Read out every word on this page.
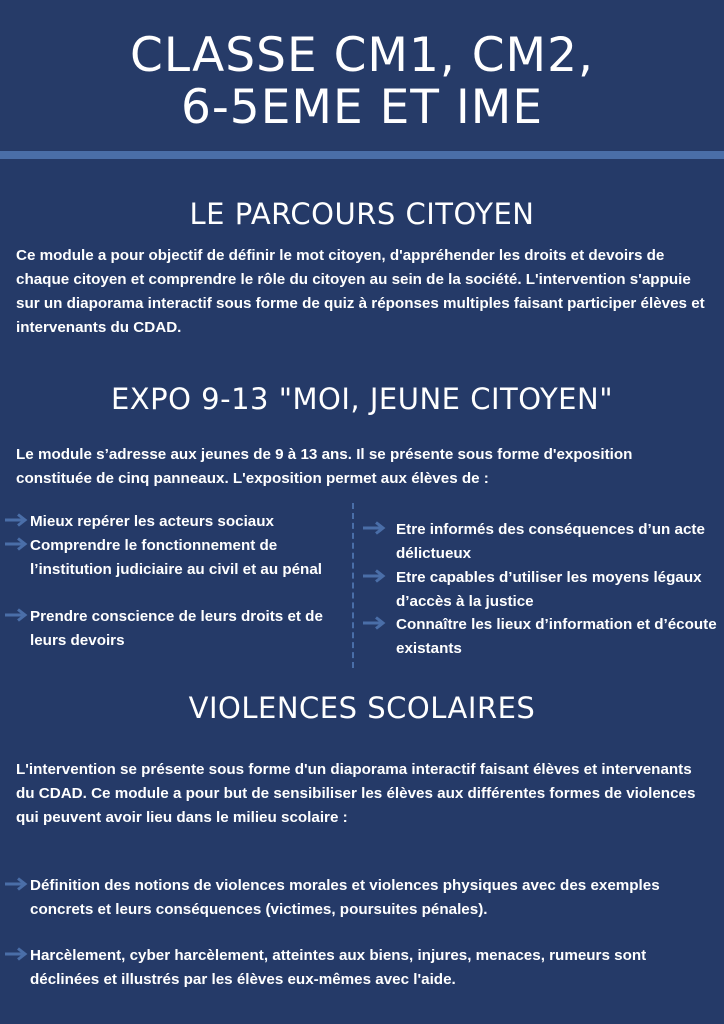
CLASSE CM1, CM2,
6-5EME ET IME
LE PARCOURS CITOYEN

Ce module a pour objectif de définir le mot citoyen, d'appréhender les droits et devoirs de chaque citoyen et comprendre le rôle du citoyen au sein de la société. L'intervention s'appuie sur un diaporama interactif sous forme de quiz à réponses multiples faisant participer élèves et intervenants du CDAD.

EXPO 9-13 "MOI, JEUNE CITOYEN"

Le module s’adresse aux jeunes de 9 à 13 ans. Il se présente sous forme d'exposition constituée de cinq panneaux. L'exposition permet aux élèves de :

Mieux repérer les acteurs sociaux
Comprendre le fonctionnement de l’institution judiciaire au civil et au pénal
Prendre conscience de leurs droits et de leurs devoirs
Etre informés des conséquences d’un acte délictueux
Etre capables d’utiliser les moyens légaux d’accès à la justice
Connaître les lieux d’information et d’écoute existants
VIOLENCES SCOLAIRES

L'intervention se présente sous forme d'un diaporama interactif faisant élèves et intervenants du CDAD. Ce module a pour but de sensibiliser les élèves aux différentes formes de violences qui peuvent avoir lieu dans le milieu scolaire :

Définition des notions de violences morales et violences physiques avec des exemples concrets et leurs conséquences (victimes, poursuites pénales).
Harcèlement, cyber harcèlement, atteintes aux biens, injures, menaces, rumeurs sont déclinées et illustrés par les élèves eux-mêmes avec l'aide.
